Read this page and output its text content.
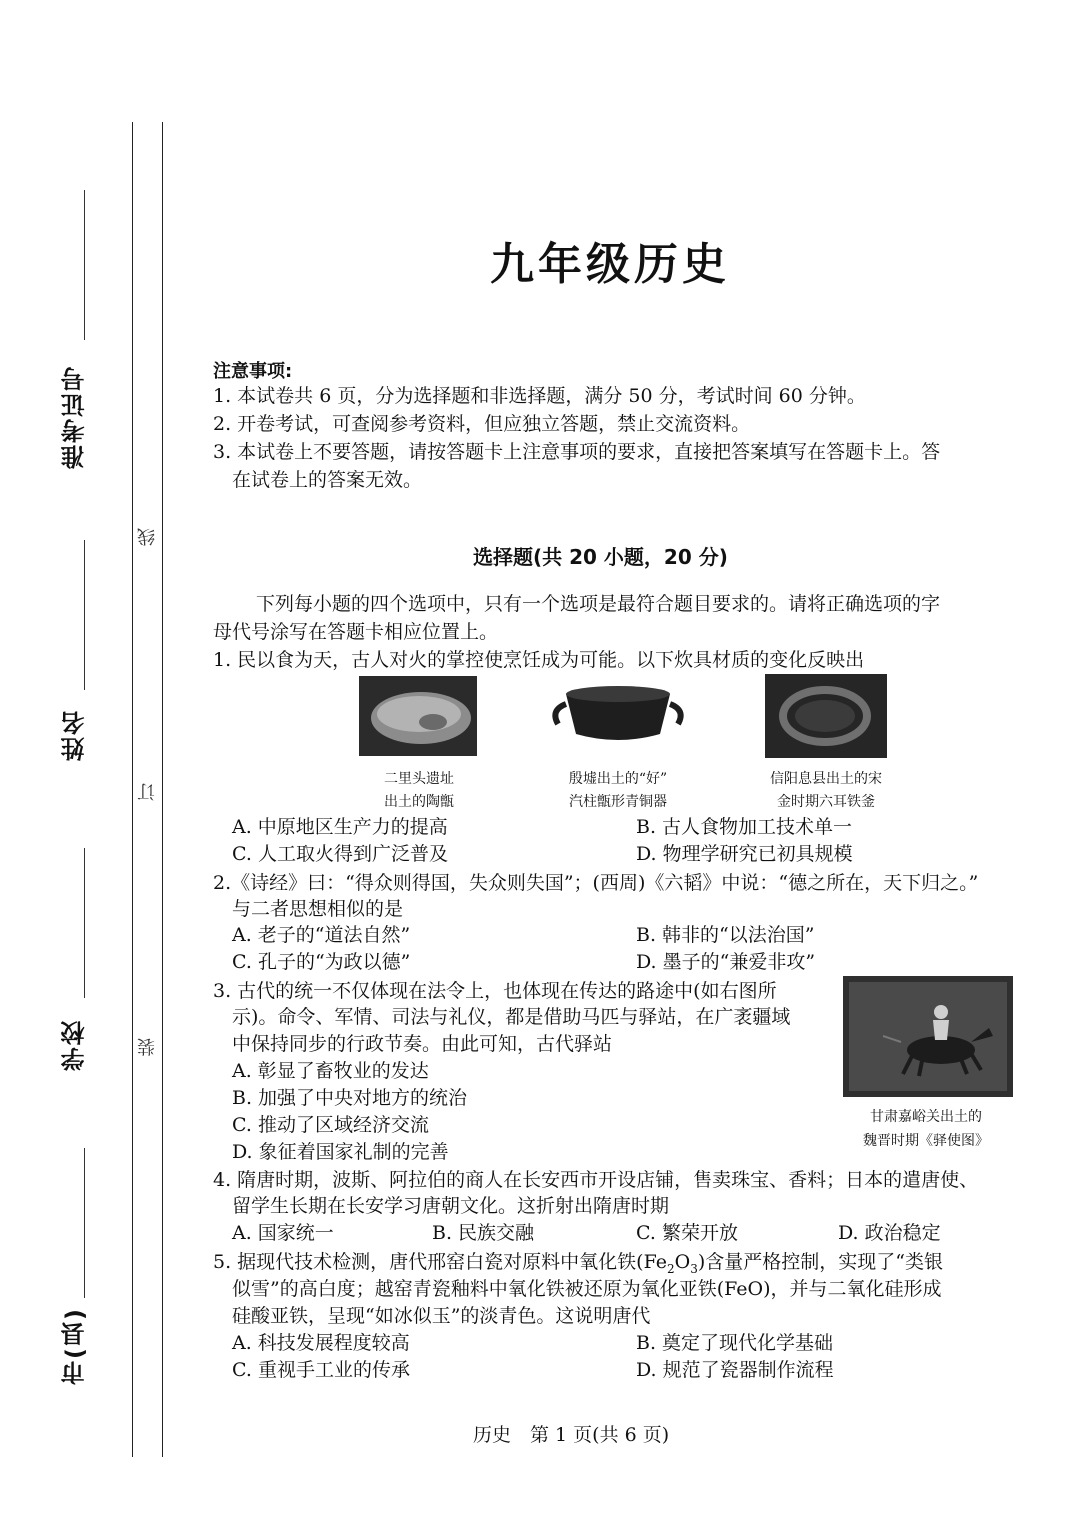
准考证号
姓名
学校
市(县)
线
订
装
九年级历史
注意事项:
1. 本试卷共 6 页，分为选择题和非选择题，满分 50 分，考试时间 60 分钟。
2. 开卷考试，可查阅参考资料，但应独立答题，禁止交流资料。
3. 本试卷上不要答题，请按答题卡上注意事项的要求，直接把答案填写在答题卡上。答
在试卷上的答案无效。
选择题(共 20 小题，20 分)
下列每小题的四个选项中，只有一个选项是最符合题目要求的。请将正确选项的字
母代号涂写在答题卡相应位置上。
1. 民以食为天，古人对火的掌控使烹饪成为可能。以下炊具材质的变化反映出
二里头遗址
出土的陶甑
殷墟出土的“好”
汽柱甑形青铜器
信阳息县出土的宋
金时期六耳铁釜
A. 中原地区生产力的提高	B. 古人食物加工技术单一
C. 人工取火得到广泛普及	D. 物理学研究已初具规模
2.《诗经》曰：“得众则得国，失众则失国”；(西周)《六韬》中说：“德之所在，天下归之。”
与二者思想相似的是
A. 老子的“道法自然”	B. 韩非的“以法治国”
C. 孔子的“为政以德”	D. 墨子的“兼爱非攻”
3. 古代的统一不仅体现在法令上，也体现在传达的路途中(如右图所
示)。命令、军情、司法与礼仪，都是借助马匹与驿站，在广袤疆域
中保持同步的行政节奏。由此可知，古代驿站
甘肃嘉峪关出土的
魏晋时期《驿使图》
A. 彰显了畜牧业的发达
B. 加强了中央对地方的统治
C. 推动了区域经济交流
D. 象征着国家礼制的完善
4. 隋唐时期，波斯、阿拉伯的商人在长安西市开设店铺，售卖珠宝、香料；日本的遣唐使、
留学生长期在长安学习唐朝文化。这折射出隋唐时期
A. 国家统一	B. 民族交融	C. 繁荣开放	D. 政治稳定
5. 据现代技术检测，唐代邢窑白瓷对原料中氧化铁$(Fe_2O_3)$含量严格控制，实现了“类银
似雪”的高白度；越窑青瓷釉料中氧化铁被还原为氧化亚铁(FeO)，并与二氧化硅形成
硅酸亚铁，呈现“如冰似玉”的淡青色。这说明唐代
A. 科技发展程度较高	B. 奠定了现代化学基础
C. 重视手工业的传承	D. 规范了瓷器制作流程
历史　第 1 页(共 6 页)
